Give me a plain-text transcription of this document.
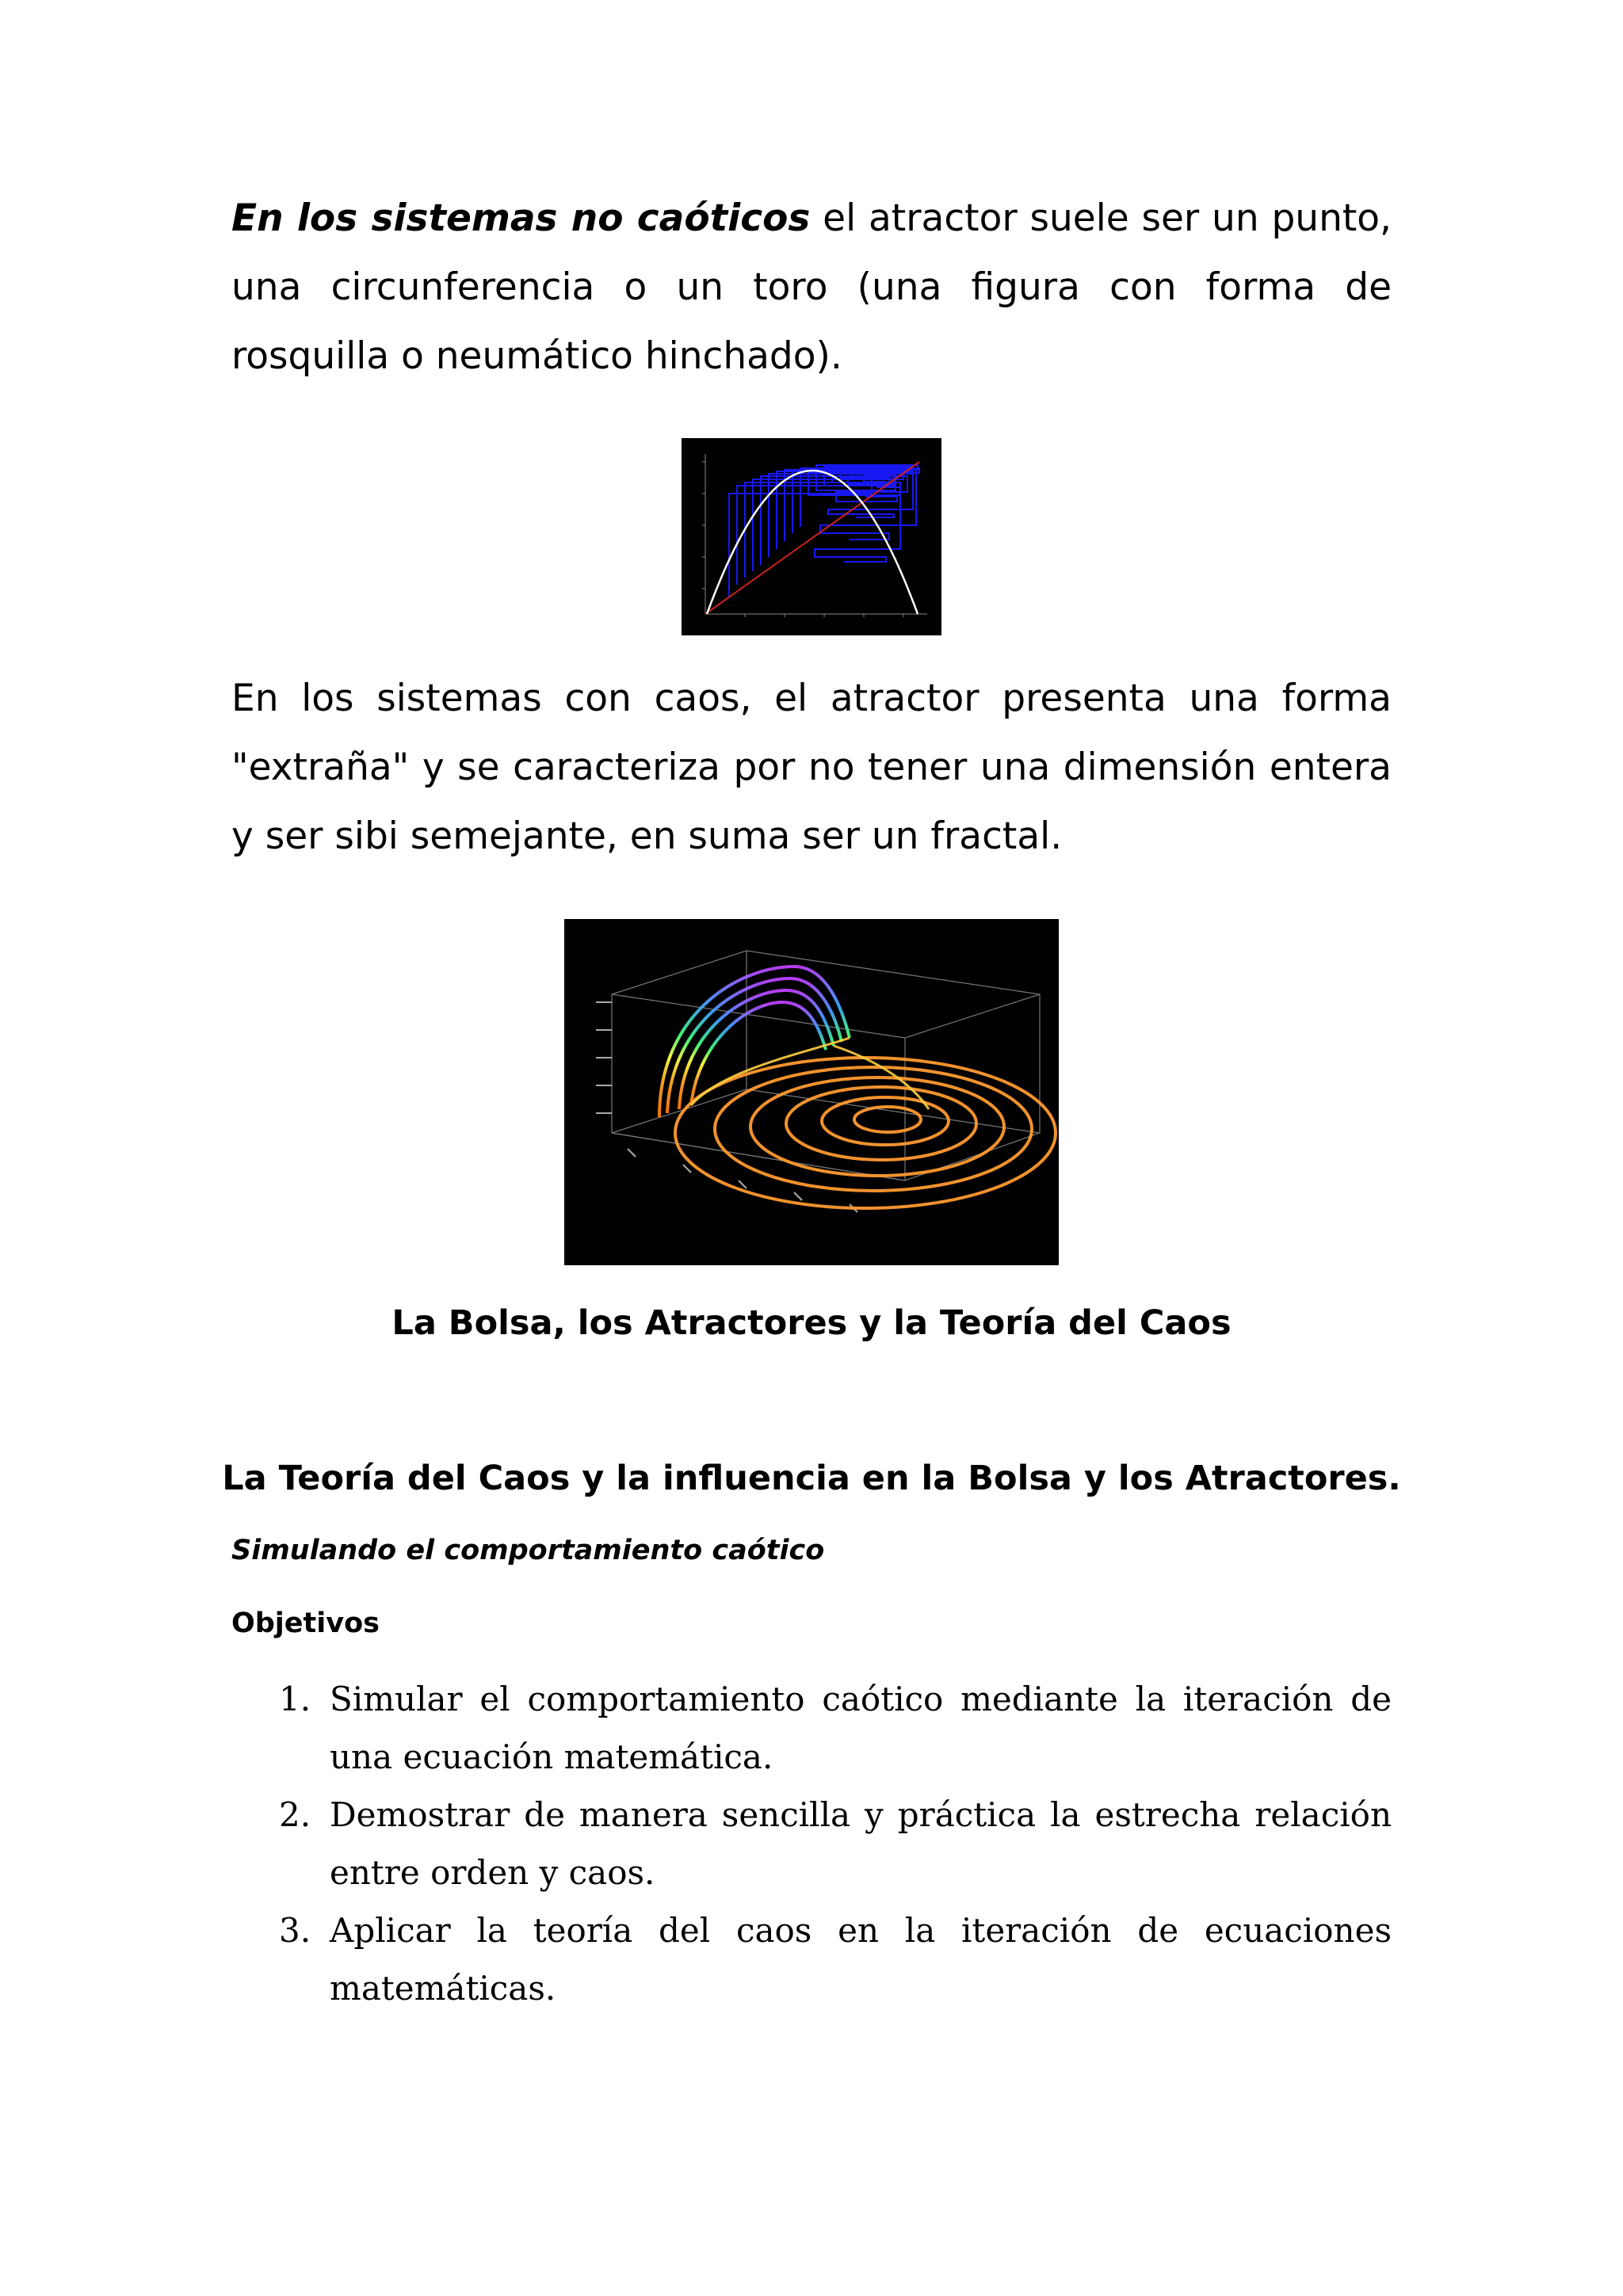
En los sistemas no caóticos el atractor suele ser un punto, una circunferencia o un toro (una figura con forma de rosquilla o neumático hinchado).

En los sistemas con caos, el atractor presenta una forma "extraña" y se caracteriza por no tener una dimensión entera y ser sibi semejante, en suma ser un fractal.

La Bolsa, los Atractores y la Teoría del Caos
La Teoría del Caos y la influencia en la Bolsa y los Atractores.
Simulando el comportamiento caótico
Objetivos
1. Simular el comportamiento caótico mediante la iteración de una ecuación matemática.
2. Demostrar de manera sencilla y práctica la estrecha relación entre orden y caos.
3. Aplicar la teoría del caos en la iteración de ecuaciones matemáticas.
